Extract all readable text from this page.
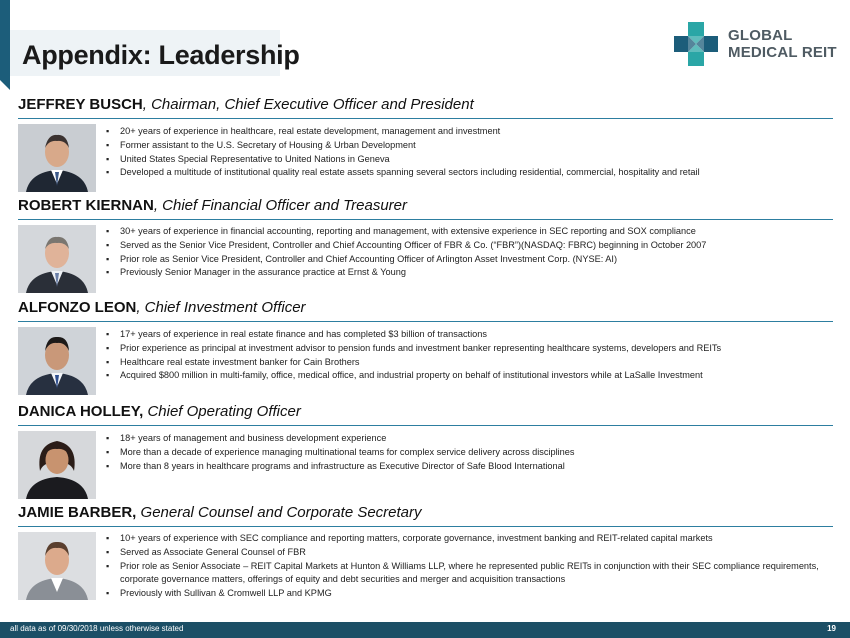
Appendix: Leadership
GLOBAL
MEDICAL REIT
JEFFREY BUSCH, Chairman, Chief Executive Officer and President
▪ 20+ years of experience in healthcare, real estate development, management and investment
▪ Former assistant to the U.S. Secretary of Housing & Urban Development
▪ United States Special Representative to United Nations in Geneva
▪ Developed a multitude of institutional quality real estate assets spanning several sectors including residential, commercial, hospitality and retail
ROBERT KIERNAN, Chief Financial Officer and Treasurer
▪ 30+ years of experience in financial accounting, reporting and management, with extensive experience in SEC reporting and SOX compliance
▪ Served as the Senior Vice President, Controller and Chief Accounting Officer of FBR & Co. (“FBR”)(NASDAQ: FBRC) beginning in October 2007
▪ Prior role as Senior Vice President, Controller and Chief Accounting Officer of Arlington Asset Investment Corp. (NYSE: AI)
▪ Previously Senior Manager in the assurance practice at Ernst & Young
ALFONZO LEON, Chief Investment Officer
▪ 17+ years of experience in real estate finance and has completed $3 billion of transactions
▪ Prior experience as principal at investment advisor to pension funds and investment banker representing healthcare systems, developers and REITs
▪ Healthcare real estate investment banker for Cain Brothers
▪ Acquired $800 million in multi-family, office, medical office, and industrial property on behalf of institutional investors while at LaSalle Investment
DANICA HOLLEY, Chief Operating Officer
▪ 18+ years of management and business development experience
▪ More than a decade of experience managing multinational teams for complex service delivery across disciplines
▪ More than 8 years in healthcare programs and infrastructure as Executive Director of Safe Blood International
JAMIE BARBER, General Counsel and Corporate Secretary
▪ 10+ years of experience with SEC compliance and reporting matters, corporate governance, investment banking and REIT-related capital markets
▪ Served as Associate General Counsel of FBR
▪ Prior role as Senior Associate – REIT Capital Markets at Hunton & Williams LLP, where he represented public REITs in conjunction with their SEC compliance requirements, corporate governance matters, offerings of equity and debt securities and merger and acquisition transactions
▪ Previously with Sullivan & Cromwell LLP and KPMG
all data as of 09/30/2018 unless otherwise stated	19
